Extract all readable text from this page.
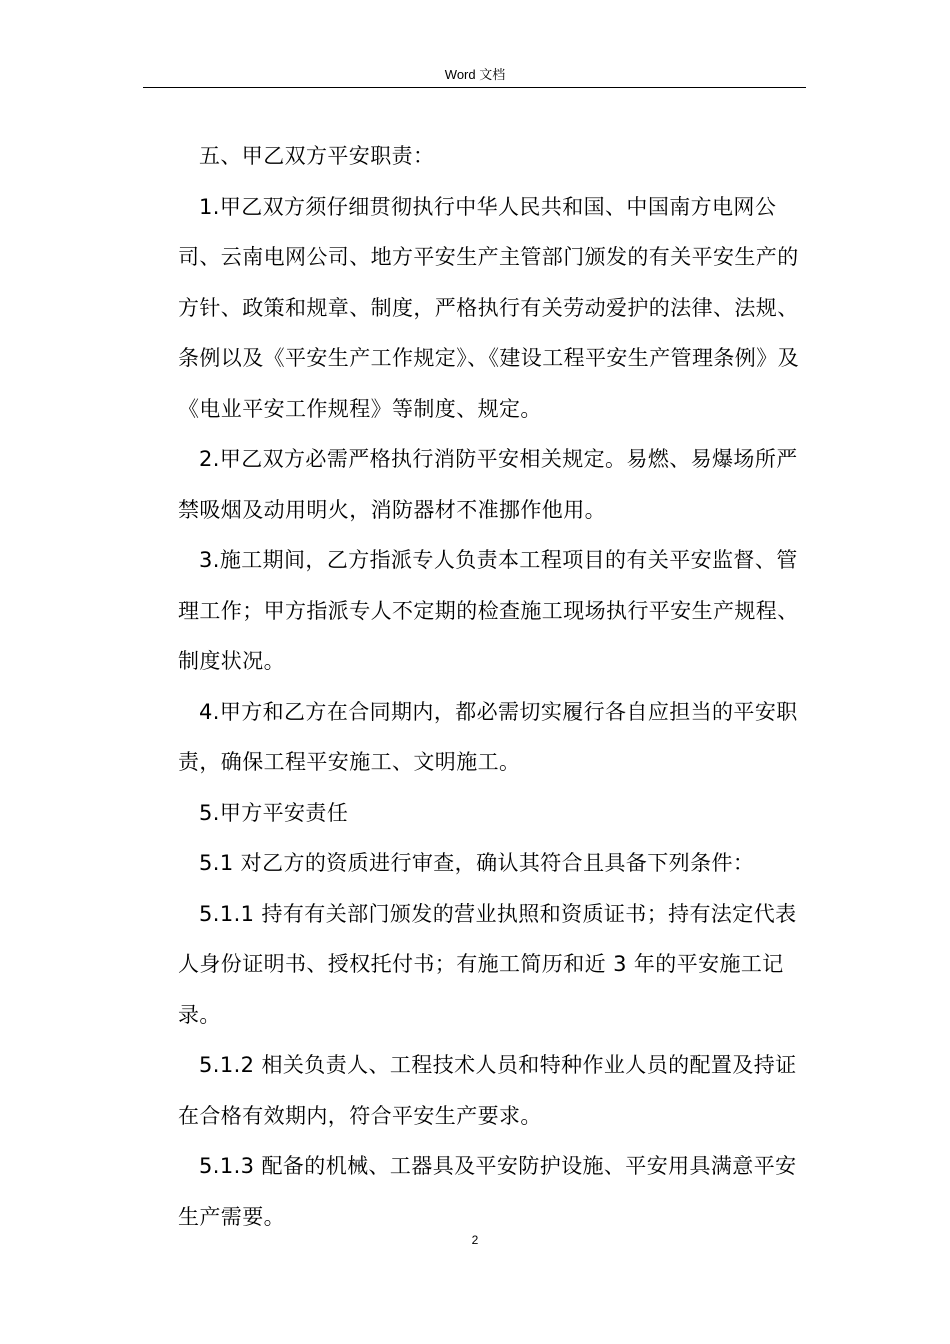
Word 文档

五、甲乙双方平安职责：

1.甲乙双方须仔细贯彻执行中华人民共和国、中国南方电网公司、云南电网公司、地方平安生产主管部门颁发的有关平安生产的方针、政策和规章、制度，严格执行有关劳动爱护的法律、法规、条例以及《平安生产工作规定》、《建设工程平安生产管理条例》及《电业平安工作规程》等制度、规定。

2.甲乙双方必需严格执行消防平安相关规定。易燃、易爆场所严禁吸烟及动用明火，消防器材不准挪作他用。

3.施工期间，乙方指派专人负责本工程项目的有关平安监督、管理工作；甲方指派专人不定期的检查施工现场执行平安生产规程、制度状况。

4.甲方和乙方在合同期内，都必需切实履行各自应担当的平安职责，确保工程平安施工、文明施工。

5.甲方平安责任

5.1 对乙方的资质进行审查，确认其符合且具备下列条件：

5.1.1 持有有关部门颁发的营业执照和资质证书；持有法定代表人身份证明书、授权托付书；有施工简历和近 3 年的平安施工记录。

5.1.2 相关负责人、工程技术人员和特种作业人员的配置及持证在合格有效期内，符合平安生产要求。

5.1.3 配备的机械、工器具及平安防护设施、平安用具满意平安生产需要。

2
